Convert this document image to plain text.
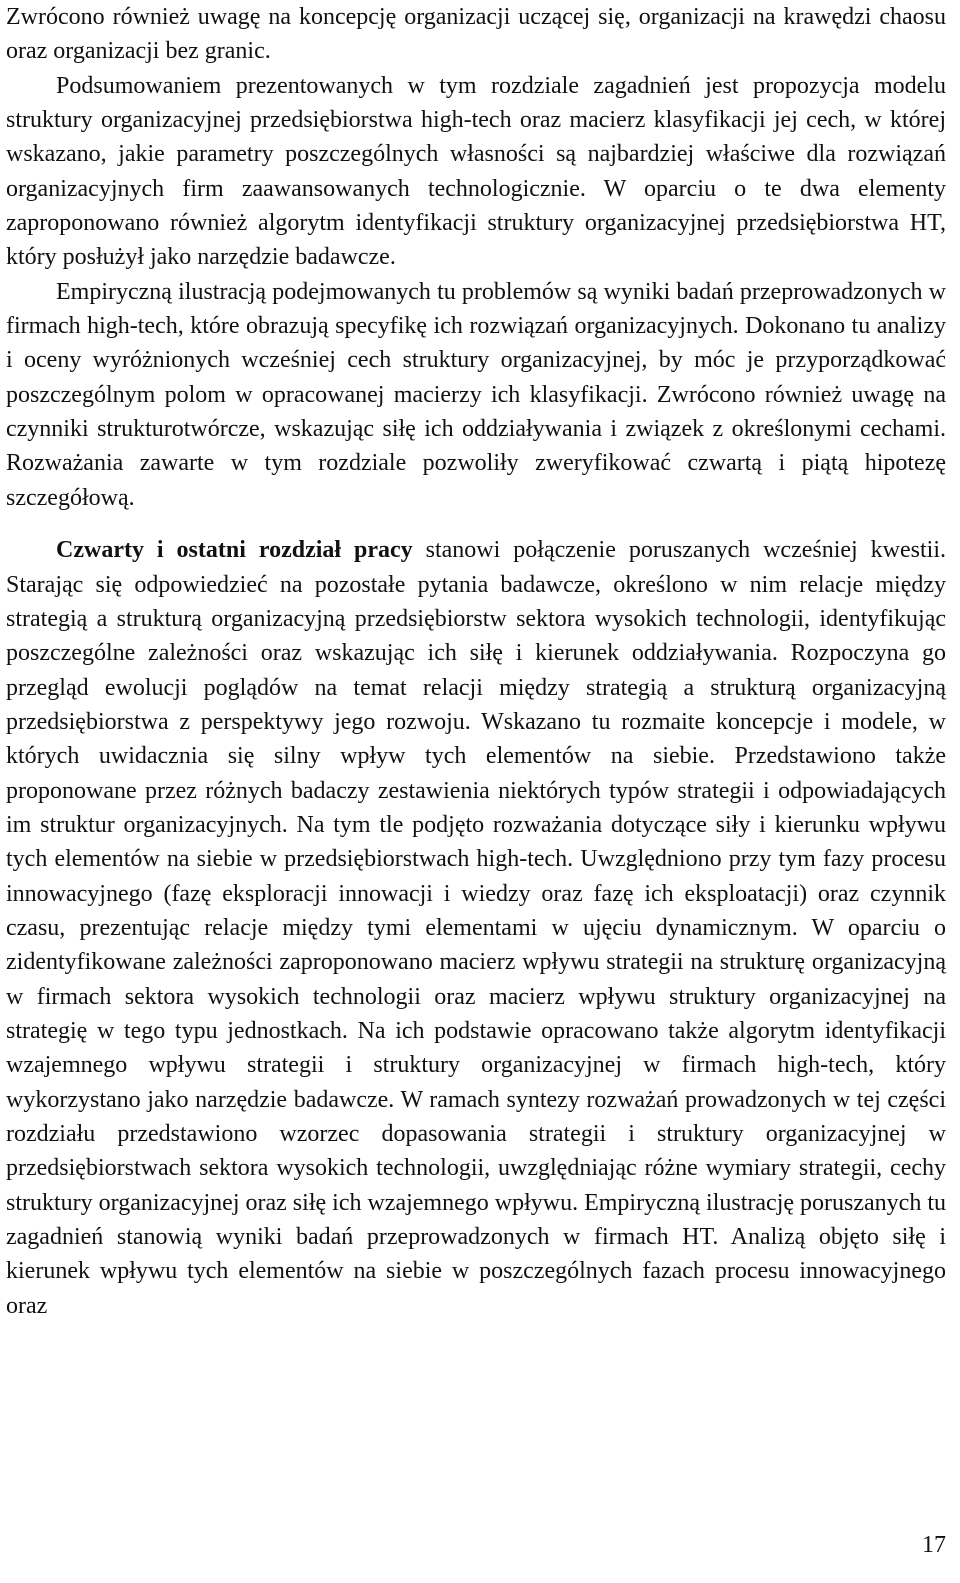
Zwrócono również uwagę na koncepcję organizacji uczącej się, organizacji na krawędzi chaosu oraz organizacji bez granic.

Podsumowaniem prezentowanych w tym rozdziale zagadnień jest propozycja modelu struktury organizacyjnej przedsiębiorstwa high-tech oraz macierz klasyfikacji jej cech, w której wskazano, jakie parametry poszczególnych własności są najbardziej właściwe dla rozwiązań organizacyjnych firm zaawansowanych technologicznie. W oparciu o te dwa elementy zaproponowano również algorytm identyfikacji struktury organizacyjnej przedsiębiorstwa HT, który posłużył jako narzędzie badawcze.

Empiryczną ilustracją podejmowanych tu problemów są wyniki badań przeprowadzonych w firmach high-tech, które obrazują specyfikę ich rozwiązań organizacyjnych. Dokonano tu analizy i oceny wyróżnionych wcześniej cech struktury organizacyjnej, by móc je przyporządkować poszczególnym polom w opracowanej macierzy ich klasyfikacji. Zwrócono również uwagę na czynniki strukturotwórcze, wskazując siłę ich oddziaływania i związek z określonymi cechami. Rozważania zawarte w tym rozdziale pozwoliły zweryfikować czwartą i piątą hipotezę szczegółową.

Czwarty i ostatni rozdział pracy stanowi połączenie poruszanych wcześniej kwestii. Starając się odpowiedzieć na pozostałe pytania badawcze, określono w nim relacje między strategią a strukturą organizacyjną przedsiębiorstw sektora wysokich technologii, identyfikując poszczególne zależności oraz wskazując ich siłę i kierunek oddziaływania. Rozpoczyna go przegląd ewolucji poglądów na temat relacji między strategią a strukturą organizacyjną przedsiębiorstwa z perspektywy jego rozwoju. Wskazano tu rozmaite koncepcje i modele, w których uwidacznia się silny wpływ tych elementów na siebie. Przedstawiono także proponowane przez różnych badaczy zestawienia niektórych typów strategii i odpowiadających im struktur organizacyjnych. Na tym tle podjęto rozważania dotyczące siły i kierunku wpływu tych elementów na siebie w przedsiębiorstwach high-tech. Uwzględniono przy tym fazy procesu innowacyjnego (fazę eksploracji innowacji i wiedzy oraz fazę ich eksploatacji) oraz czynnik czasu, prezentując relacje między tymi elementami w ujęciu dynamicznym. W oparciu o zidentyfikowane zależności zaproponowano macierz wpływu strategii na strukturę organizacyjną w firmach sektora wysokich technologii oraz macierz wpływu struktury organizacyjnej na strategię w tego typu jednostkach. Na ich podstawie opracowano także algorytm identyfikacji wzajemnego wpływu strategii i struktury organizacyjnej w firmach high-tech, który wykorzystano jako narzędzie badawcze. W ramach syntezy rozważań prowadzonych w tej części rozdziału przedstawiono wzorzec dopasowania strategii i struktury organizacyjnej w przedsiębiorstwach sektora wysokich technologii, uwzględniając różne wymiary strategii, cechy struktury organizacyjnej oraz siłę ich wzajemnego wpływu. Empiryczną ilustrację poruszanych tu zagadnień stanowią wyniki badań przeprowadzonych w firmach HT. Analizą objęto siłę i kierunek wpływu tych elementów na siebie w poszczególnych fazach procesu innowacyjnego oraz

17
